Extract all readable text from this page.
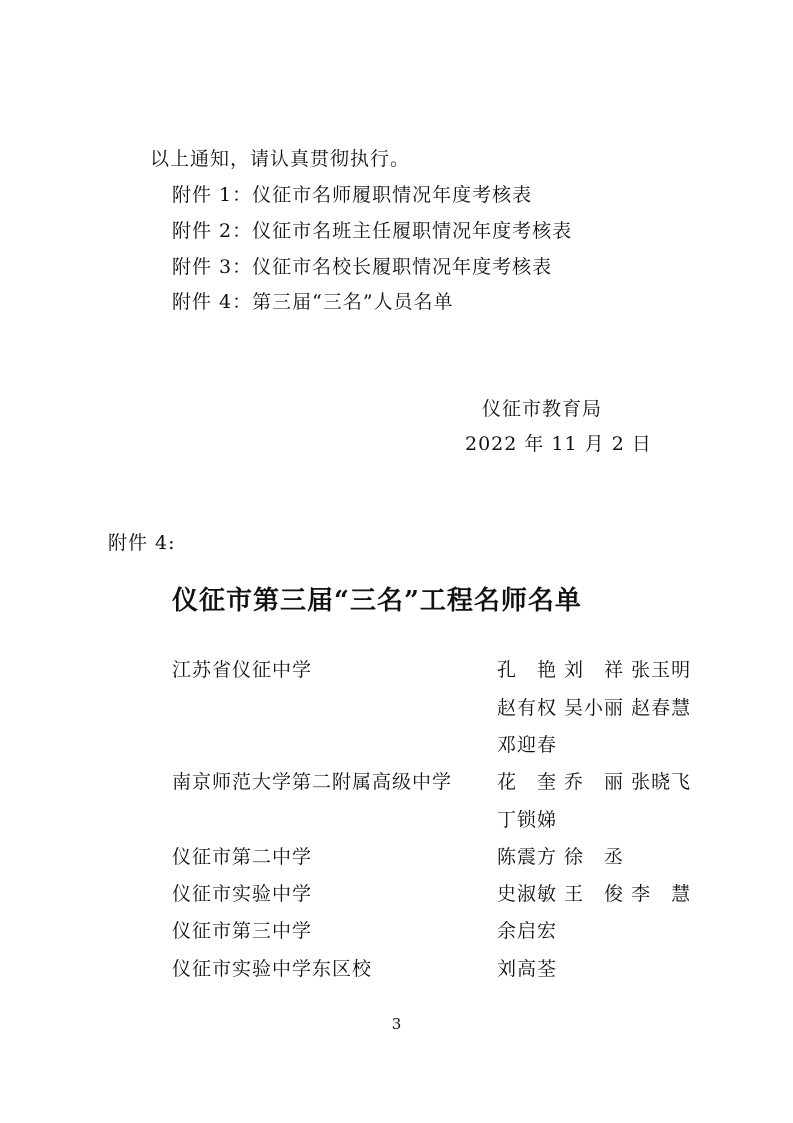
以上通知，请认真贯彻执行。
附件 1：仪征市名师履职情况年度考核表
附件 2：仪征市名班主任履职情况年度考核表
附件 3：仪征市名校长履职情况年度考核表
附件 4：第三届“三名”人员名单
仪征市教育局
2022 年 11 月 2 日
附件 4:
仪征市第三届“三名”工程名师名单
江苏省仪征中学	孔　艳 刘　祥 张玉明
赵有权 吴小丽 赵春慧
邓迎春
南京师范大学第二附属高级中学 花　奎 乔　丽 张晓飞
丁锁娣
仪征市第二中学	陈震方 徐　丞
仪征市实验中学	史淑敏 王　俊 李　慧
仪征市第三中学	余启宏
仪征市实验中学东区校	刘高荃
3
